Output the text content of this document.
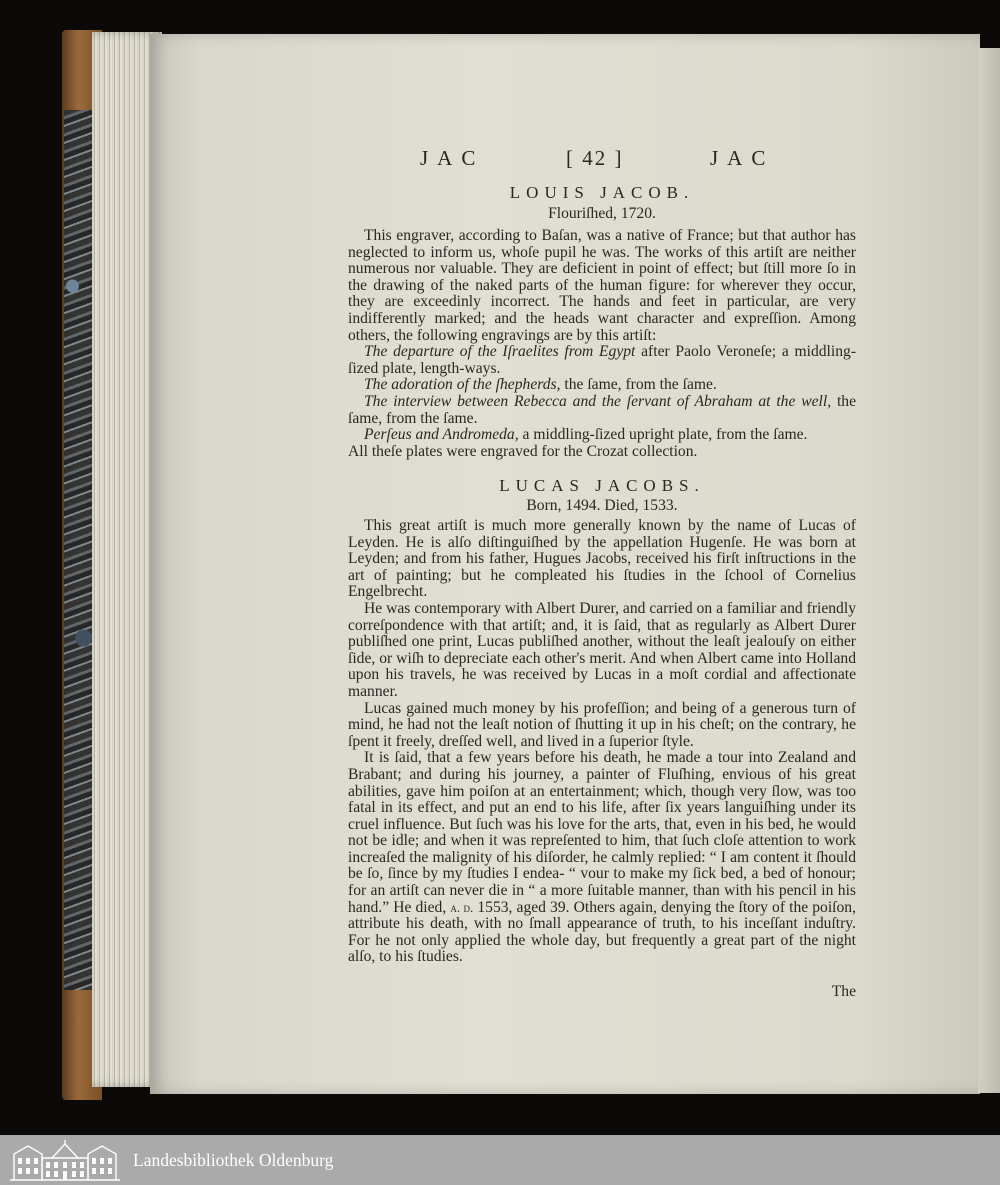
JAC	[ 42 ]	JAC
LOUIS JACOB.
Flouriſhed, 1720.

This engraver, according to Baſan, was a native of France; but that author has neglected to inform us, whoſe pupil he was. The works of this artiſt are neither numerous nor valuable. They are deficient in point of effect; but ſtill more ſo in the drawing of the naked parts of the human figure: for wherever they occur, they are exceedinly incorrect. The hands and feet in particular, are very indifferently marked; and the heads want character and expreſſion. Among others, the following engravings are by this artiſt:

The departure of the Iſraelites from Egypt after Paolo Veroneſe; a middling-ſized plate, length-ways.

The adoration of the ſhepherds, the ſame, from the ſame.

The interview between Rebecca and the ſervant of Abraham at the well, the ſame, from the ſame.

Perſeus and Andromeda, a middling-ſized upright plate, from the ſame.

All theſe plates were engraved for the Crozat collection.

LUCAS JACOBS.
Born, 1494. Died, 1533.

This great artiſt is much more generally known by the name of Lucas of Leyden. He is alſo diſtinguiſhed by the appellation Hugenſe. He was born at Leyden; and from his father, Hugues Jacobs, received his firſt inſtructions in the art of painting; but he compleated his ſtudies in the ſchool of Cornelius Engelbrecht.

He was contemporary with Albert Durer, and carried on a familiar and friendly correſpondence with that artiſt; and, it is ſaid, that as regularly as Albert Durer publiſhed one print, Lucas publiſhed another, without the leaſt jealouſy on either ſide, or wiſh to depreciate each other's merit. And when Albert came into Holland upon his travels, he was received by Lucas in a moſt cordial and affectionate manner.

Lucas gained much money by his profeſſion; and being of a generous turn of mind, he had not the leaſt notion of ſhutting it up in his cheſt; on the contrary, he ſpent it freely, dreſſed well, and lived in a ſuperior ſtyle.

It is ſaid, that a few years before his death, he made a tour into Zealand and Brabant; and during his journey, a painter of Fluſhing, envious of his great abilities, gave him poiſon at an entertainment; which, though very ſlow, was too fatal in its effect, and put an end to his life, after ſix years languiſhing under its cruel influence. But ſuch was his love for the arts, that, even in his bed, he would not be idle; and when it was repreſented to him, that ſuch cloſe attention to work increaſed the malignity of his diſorder, he calmly replied: “ I am content it ſhould be ſo, ſince by my ſtudies I endea- “ vour to make my ſick bed, a bed of honour; for an artiſt can never die in “ a more ſuitable manner, than with his pencil in his hand.” He died, a. d. 1553, aged 39. Others again, denying the ſtory of the poiſon, attribute his death, with no ſmall appearance of truth, to his inceſſant induſtry. For he not only applied the whole day, but frequently a great part of the night alſo, to his ſtudies.

The
Landesbibliothek Oldenburg
